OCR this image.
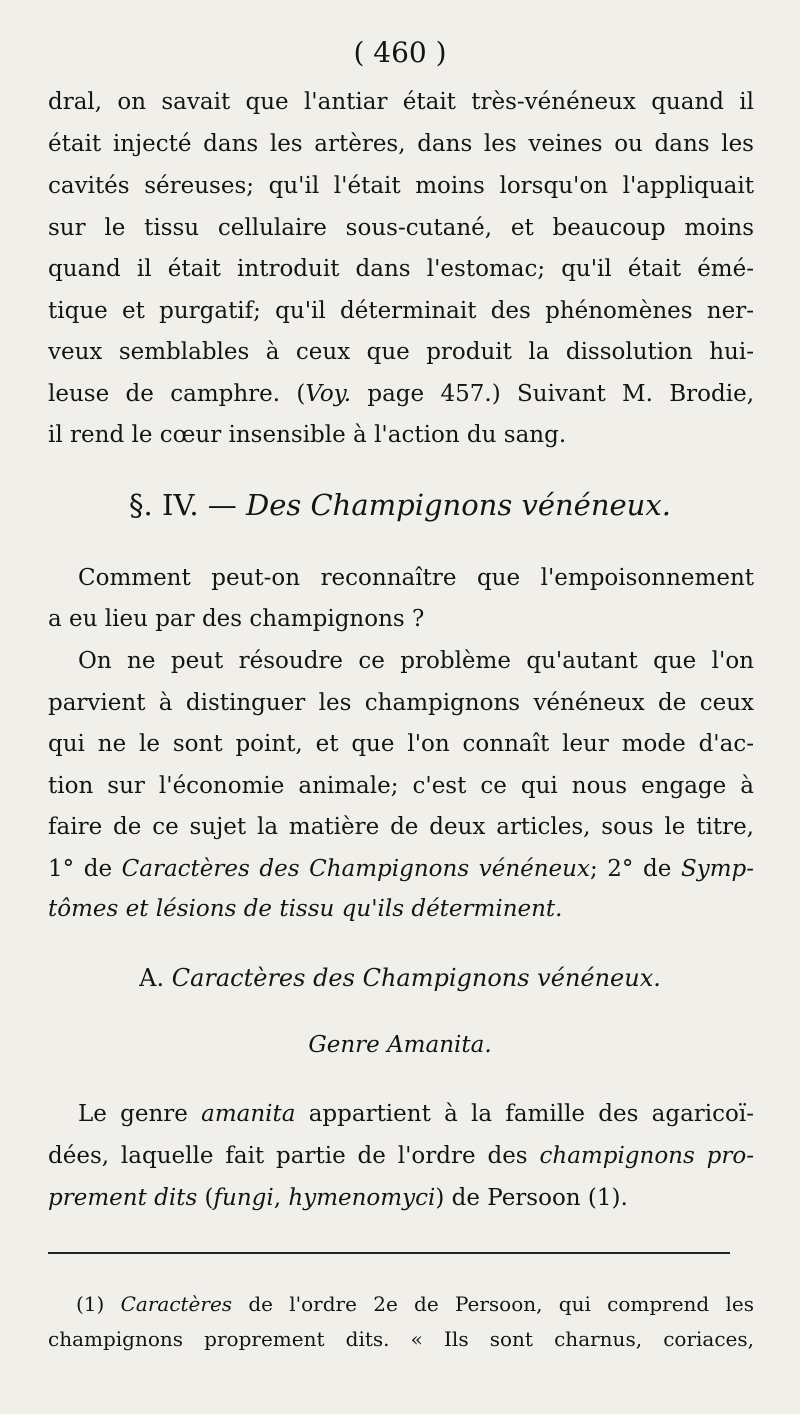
( 460 )
dral, on savait que l'antiar était très-vénéneux quand il
était injecté dans les artères, dans les veines ou dans les
cavités séreuses; qu'il l'était moins lorsqu'on l'appliquait
sur le tissu cellulaire sous-cutané, et beaucoup moins
quand il était introduit dans l'estomac; qu'il était émé-
tique et purgatif; qu'il déterminait des phénomènes ner-
veux semblables à ceux que produit la dissolution hui-
leuse de camphre. (Voy. page 457.) Suivant M. Brodie,
il rend le cœur insensible à l'action du sang.
§. IV. — Des Champignons vénéneux.
Comment peut-on reconnaître que l'empoisonnement
a eu lieu par des champignons ?
On ne peut résoudre ce problème qu'autant que l'on
parvient à distinguer les champignons vénéneux de ceux
qui ne le sont point, et que l'on connaît leur mode d'ac-
tion sur l'économie animale; c'est ce qui nous engage à
faire de ce sujet la matière de deux articles, sous le titre,
1° de Caractères des Champignons vénéneux; 2° de Symp-
tômes et lésions de tissu qu'ils déterminent.
A. Caractères des Champignons vénéneux.
Genre Amanita.
Le genre amanita appartient à la famille des agaricoï-
dées, laquelle fait partie de l'ordre des champignons pro-
prement dits (fungi, hymenomyci) de Persoon (1).
(1) Caractères de l'ordre 2e de Persoon, qui comprend les
champignons proprement dits. « Ils sont charnus, coriaces,
